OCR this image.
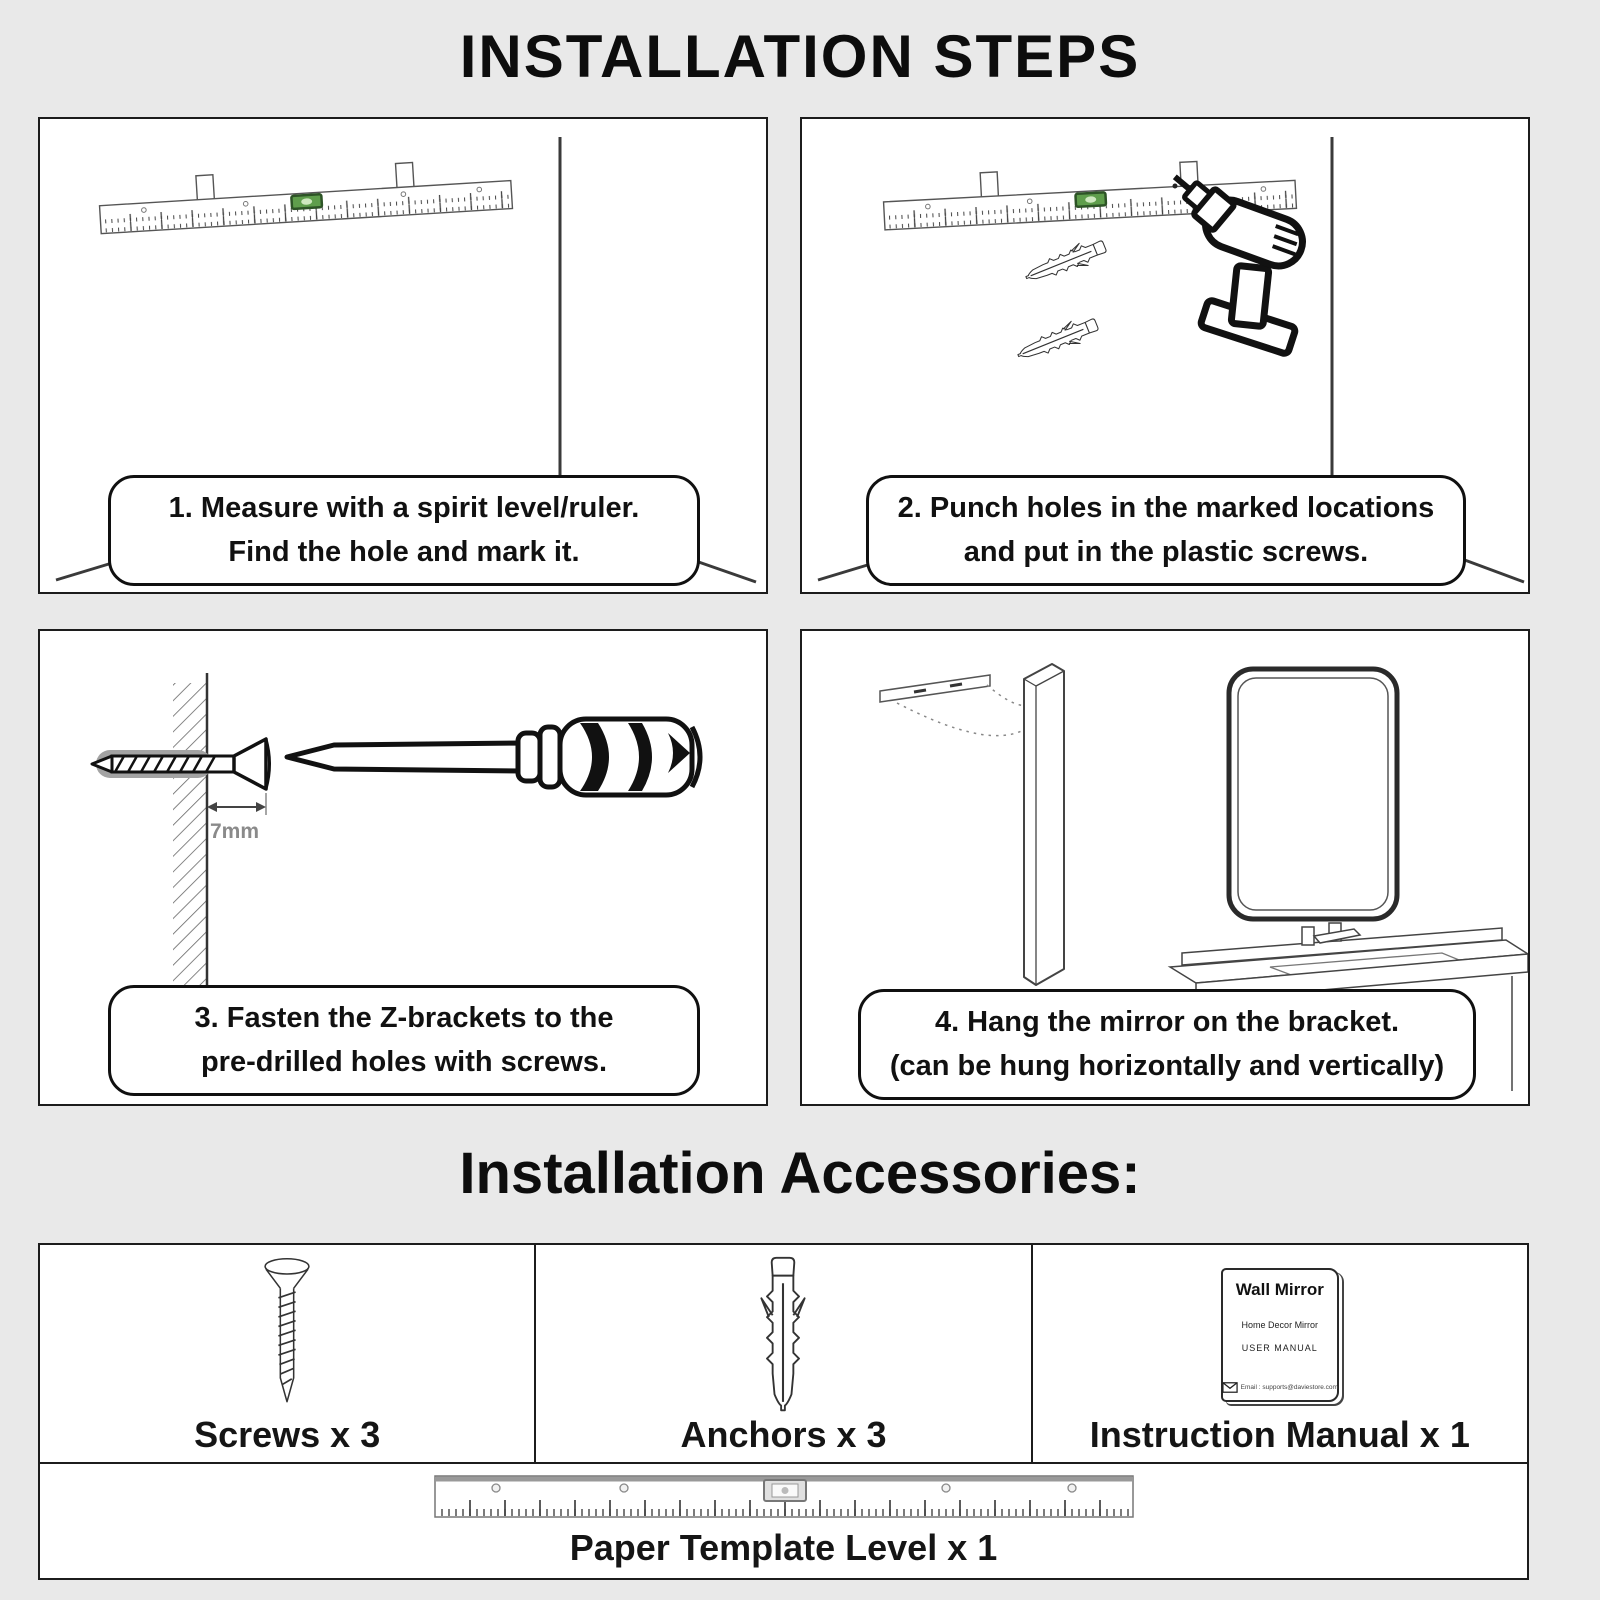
INSTALLATION STEPS
1. Measure with a spirit level/ruler.
Find the hole and mark it.
2. Punch holes in the marked locations
and put in the plastic screws.
7mm
3. Fasten the Z-brackets to the
pre-drilled holes with screws.
4. Hang the mirror on the bracket.
(can be hung horizontally and vertically)
Installation Accessories:
Screws x 3	Anchors x 3
Wall Mirror
Home Decor Mirror
USER MANUAL
Email : supports@daviestore.com
Instruction Manual x 1
Paper Template Level x 1
